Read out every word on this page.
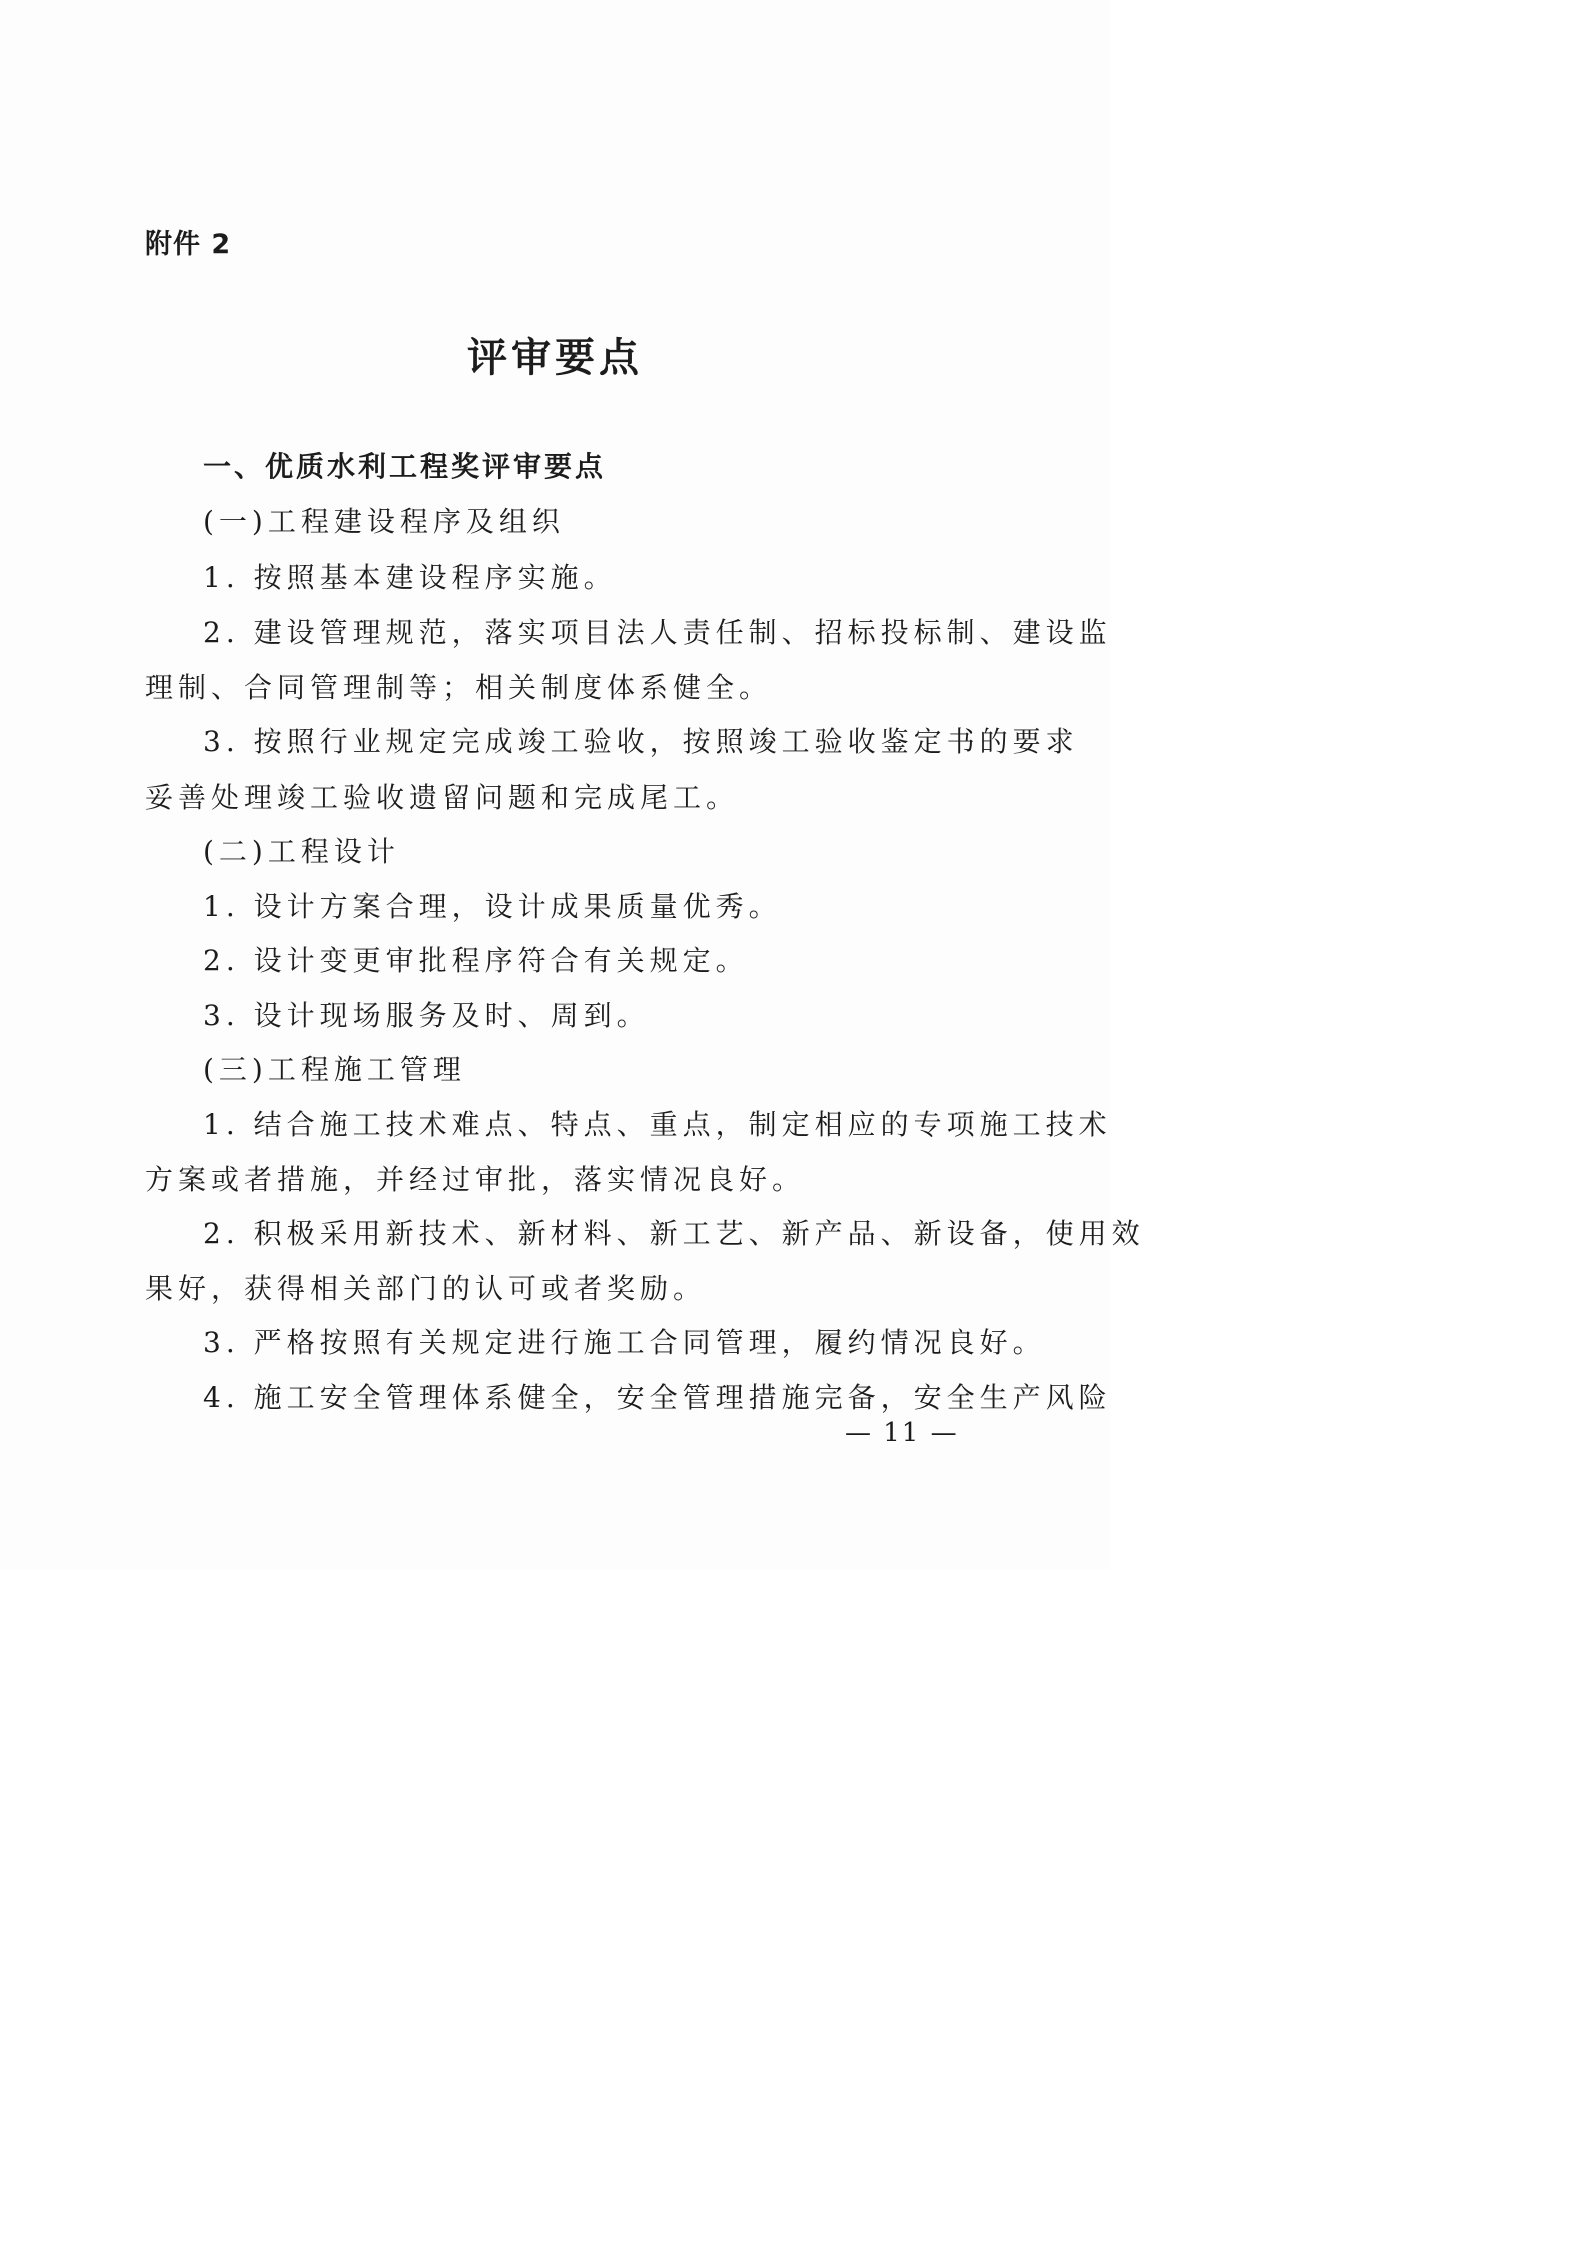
附件 2
评审要点
一、优质水利工程奖评审要点
(一)工程建设程序及组织
1. 按照基本建设程序实施。
2. 建设管理规范，落实项目法人责任制、招标投标制、建设监
理制、合同管理制等；相关制度体系健全。
3. 按照行业规定完成竣工验收，按照竣工验收鉴定书的要求
妥善处理竣工验收遗留问题和完成尾工。
(二)工程设计
1. 设计方案合理，设计成果质量优秀。
2. 设计变更审批程序符合有关规定。
3. 设计现场服务及时、周到。
(三)工程施工管理
1. 结合施工技术难点、特点、重点，制定相应的专项施工技术
方案或者措施，并经过审批，落实情况良好。
2. 积极采用新技术、新材料、新工艺、新产品、新设备，使用效
果好，获得相关部门的认可或者奖励。
3. 严格按照有关规定进行施工合同管理，履约情况良好。
4. 施工安全管理体系健全，安全管理措施完备，安全生产风险
— 11 —
